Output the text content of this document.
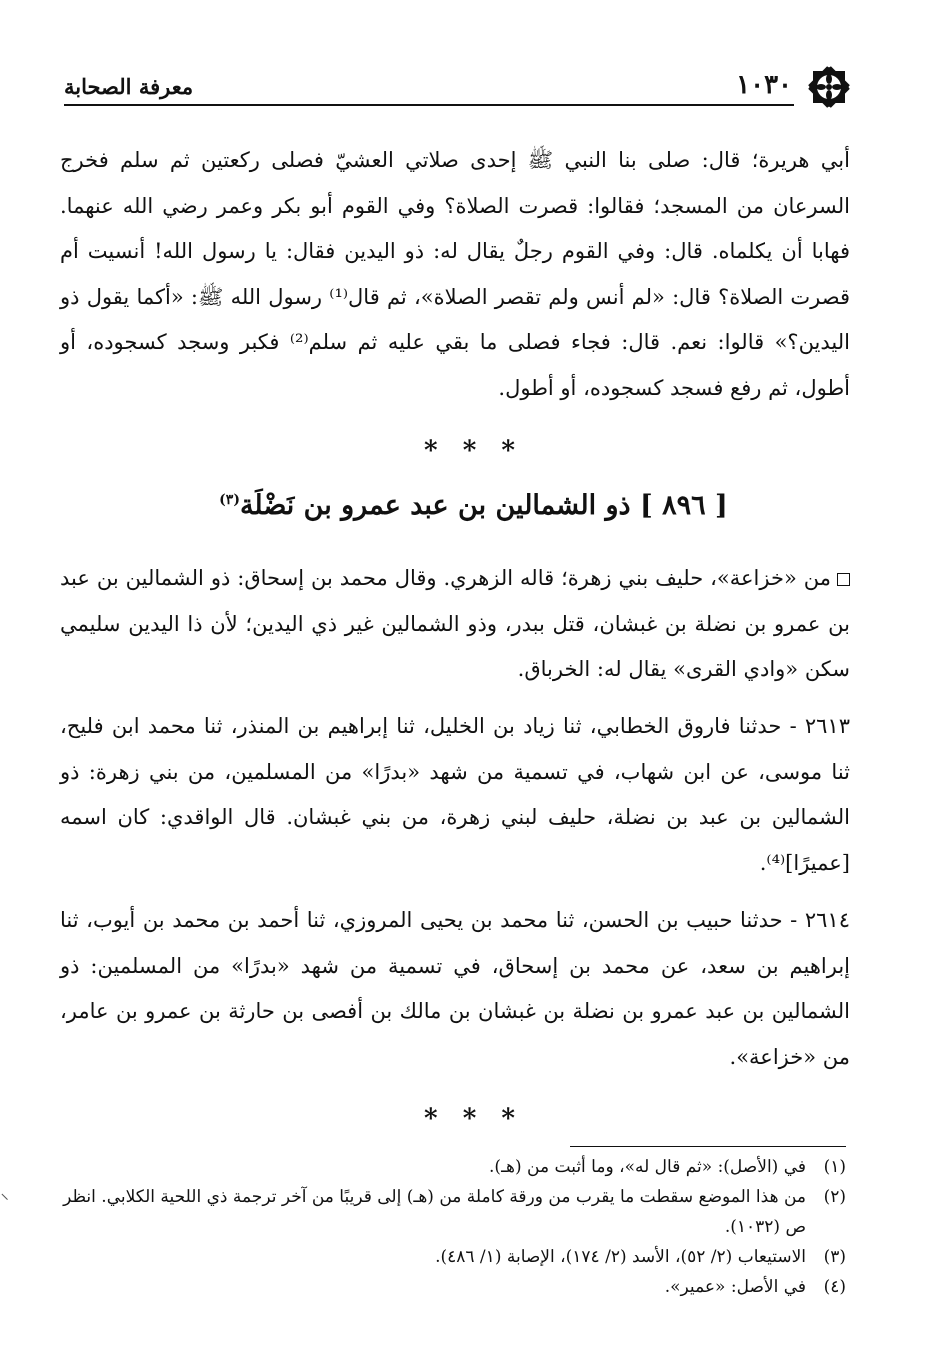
١٠٣٠
معرفة الصحابة
أبي هريرة؛ قال: صلى بنا النبي ﷺ إحدى صلاتي العشيّ فصلى ركعتين ثم سلم فخرج السرعان من المسجد؛ فقالوا: قصرت الصلاة؟ وفي القوم أبو بكر وعمر رضي الله عنهما. فهابا أن يكلماه. قال: وفي القوم رجلٌ يقال له: ذو اليدين فقال: يا رسول الله! أنسيت أم قصرت الصلاة؟ قال: «لم أنس ولم تقصر الصلاة»، ثم قال⁽¹⁾ رسول الله ﷺ: «أكما يقول ذو اليدين؟» قالوا: نعم. قال: فجاء فصلى ما بقي عليه ثم سلم⁽²⁾ فكبر وسجد كسجوده، أو أطول، ثم رفع فسجد كسجوده، أو أطول.
* * *
[ ٨٩٦ ] ذو الشمالين بن عبد عمرو بن نَضْلَة$^{(٣)}$
من «خزاعة»، حليف بني زهرة؛ قاله الزهري. وقال محمد بن إسحاق: ذو الشمالين بن عبد بن عمرو بن نضلة بن غبشان، قتل ببدر، وذو الشمالين غير ذي اليدين؛ لأن ذا اليدين سليمي سكن «وادي القرى» يقال له: الخرباق.
٢٦١٣ - حدثنا فاروق الخطابي، ثنا زياد بن الخليل، ثنا إبراهيم بن المنذر، ثنا محمد ابن فليح، ثنا موسى، عن ابن شهاب، في تسمية من شهد «بدرًا» من المسلمين، من بني زهرة: ذو الشمالين بن عبد بن نضلة، حليف لبني زهرة، من بني غبشان. قال الواقدي: كان اسمه [عميرًا]⁽⁴⁾.
٢٦١٤ - حدثنا حبيب بن الحسن، ثنا محمد بن يحيى المروزي، ثنا أحمد بن محمد بن أيوب، ثنا إبراهيم بن سعد، عن محمد بن إسحاق، في تسمية من شهد «بدرًا» من المسلمين: ذو الشمالين بن عبد عمرو بن نضلة بن غبشان بن مالك بن أفصى بن حارثة بن عمرو بن عامر، من «خزاعة».
* * *
(١)
في (الأصل): «ثم قال له»، وما أثبت من (هـ).
(٢)
من هذا الموضع سقطت ما يقرب من ورقة كاملة من (هـ) إلى قريبًا من آخر ترجمة ذي اللحية الكلابي. انظر ص (١٠٣٢).
(٣)
الاستيعاب (٢/ ٥٢)، الأسد (٢/ ١٧٤)، الإصابة (١/ ٤٨٦).
(٤)
في الأصل: «عمير».
